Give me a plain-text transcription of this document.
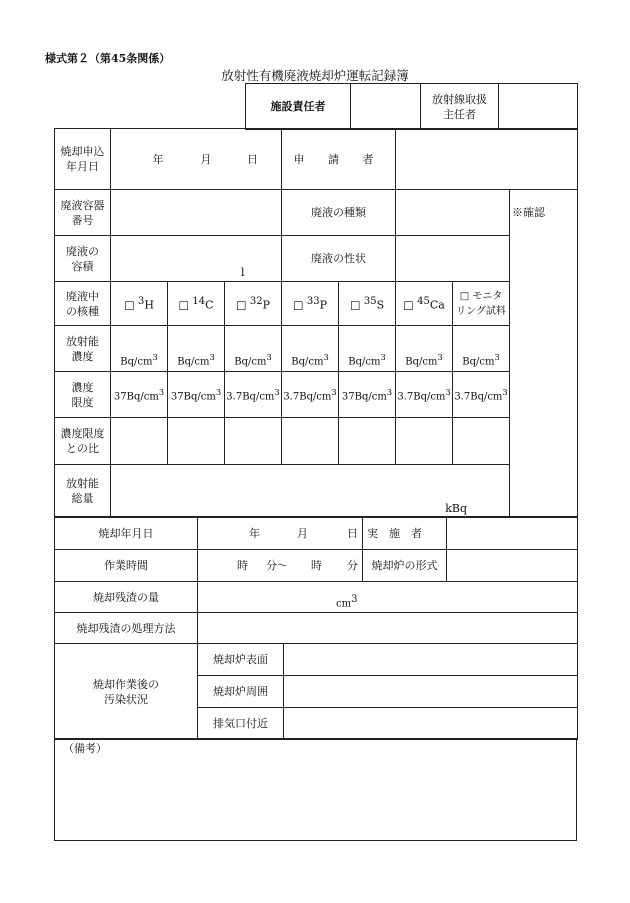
様式第２（第45条関係）
放射性有機廃液焼却炉運転記録簿
施設責任者		放射線取扱
主任者	
焼却申込
年月日	年 月 日			申 請 者				
廃液容器
番号				廃液の種類				※確認
廃液の
容積	l			廃液の性状				
廃液中
の核種	□ $^3$H	□ $^{14}$C	□ $^{32}$P	□ $^{33}$P	□ $^{35}$S	□ $^{45}$Ca	□ モニタ
リング試料	
放射能
濃度	$Bq/cm^3$	$Bq/cm^3$	$Bq/cm^3$	$Bq/cm^3$	$Bq/cm^3$	$Bq/cm^3$	$Bq/cm^3$
濃度
限度	$37Bq/cm^3$	$37Bq/cm^3$	$3.7Bq/cm^3$	$3.7Bq/cm^3$	$37Bq/cm^3$	$3.7Bq/cm^3$	$3.7Bq/cm^3$
濃度限度
との比								
放射能
総量	kBq							
焼却年月日	年 月 日		実　施　者	
作業時間	時 分～ 時 分		焼却炉の形式	
焼却残渣の量	$cm^3$
焼却残渣の処理方法				
焼却作業後の
汚染状況	焼却炉表面			
	焼却炉周囲			
	排気口付近			
（備考）
